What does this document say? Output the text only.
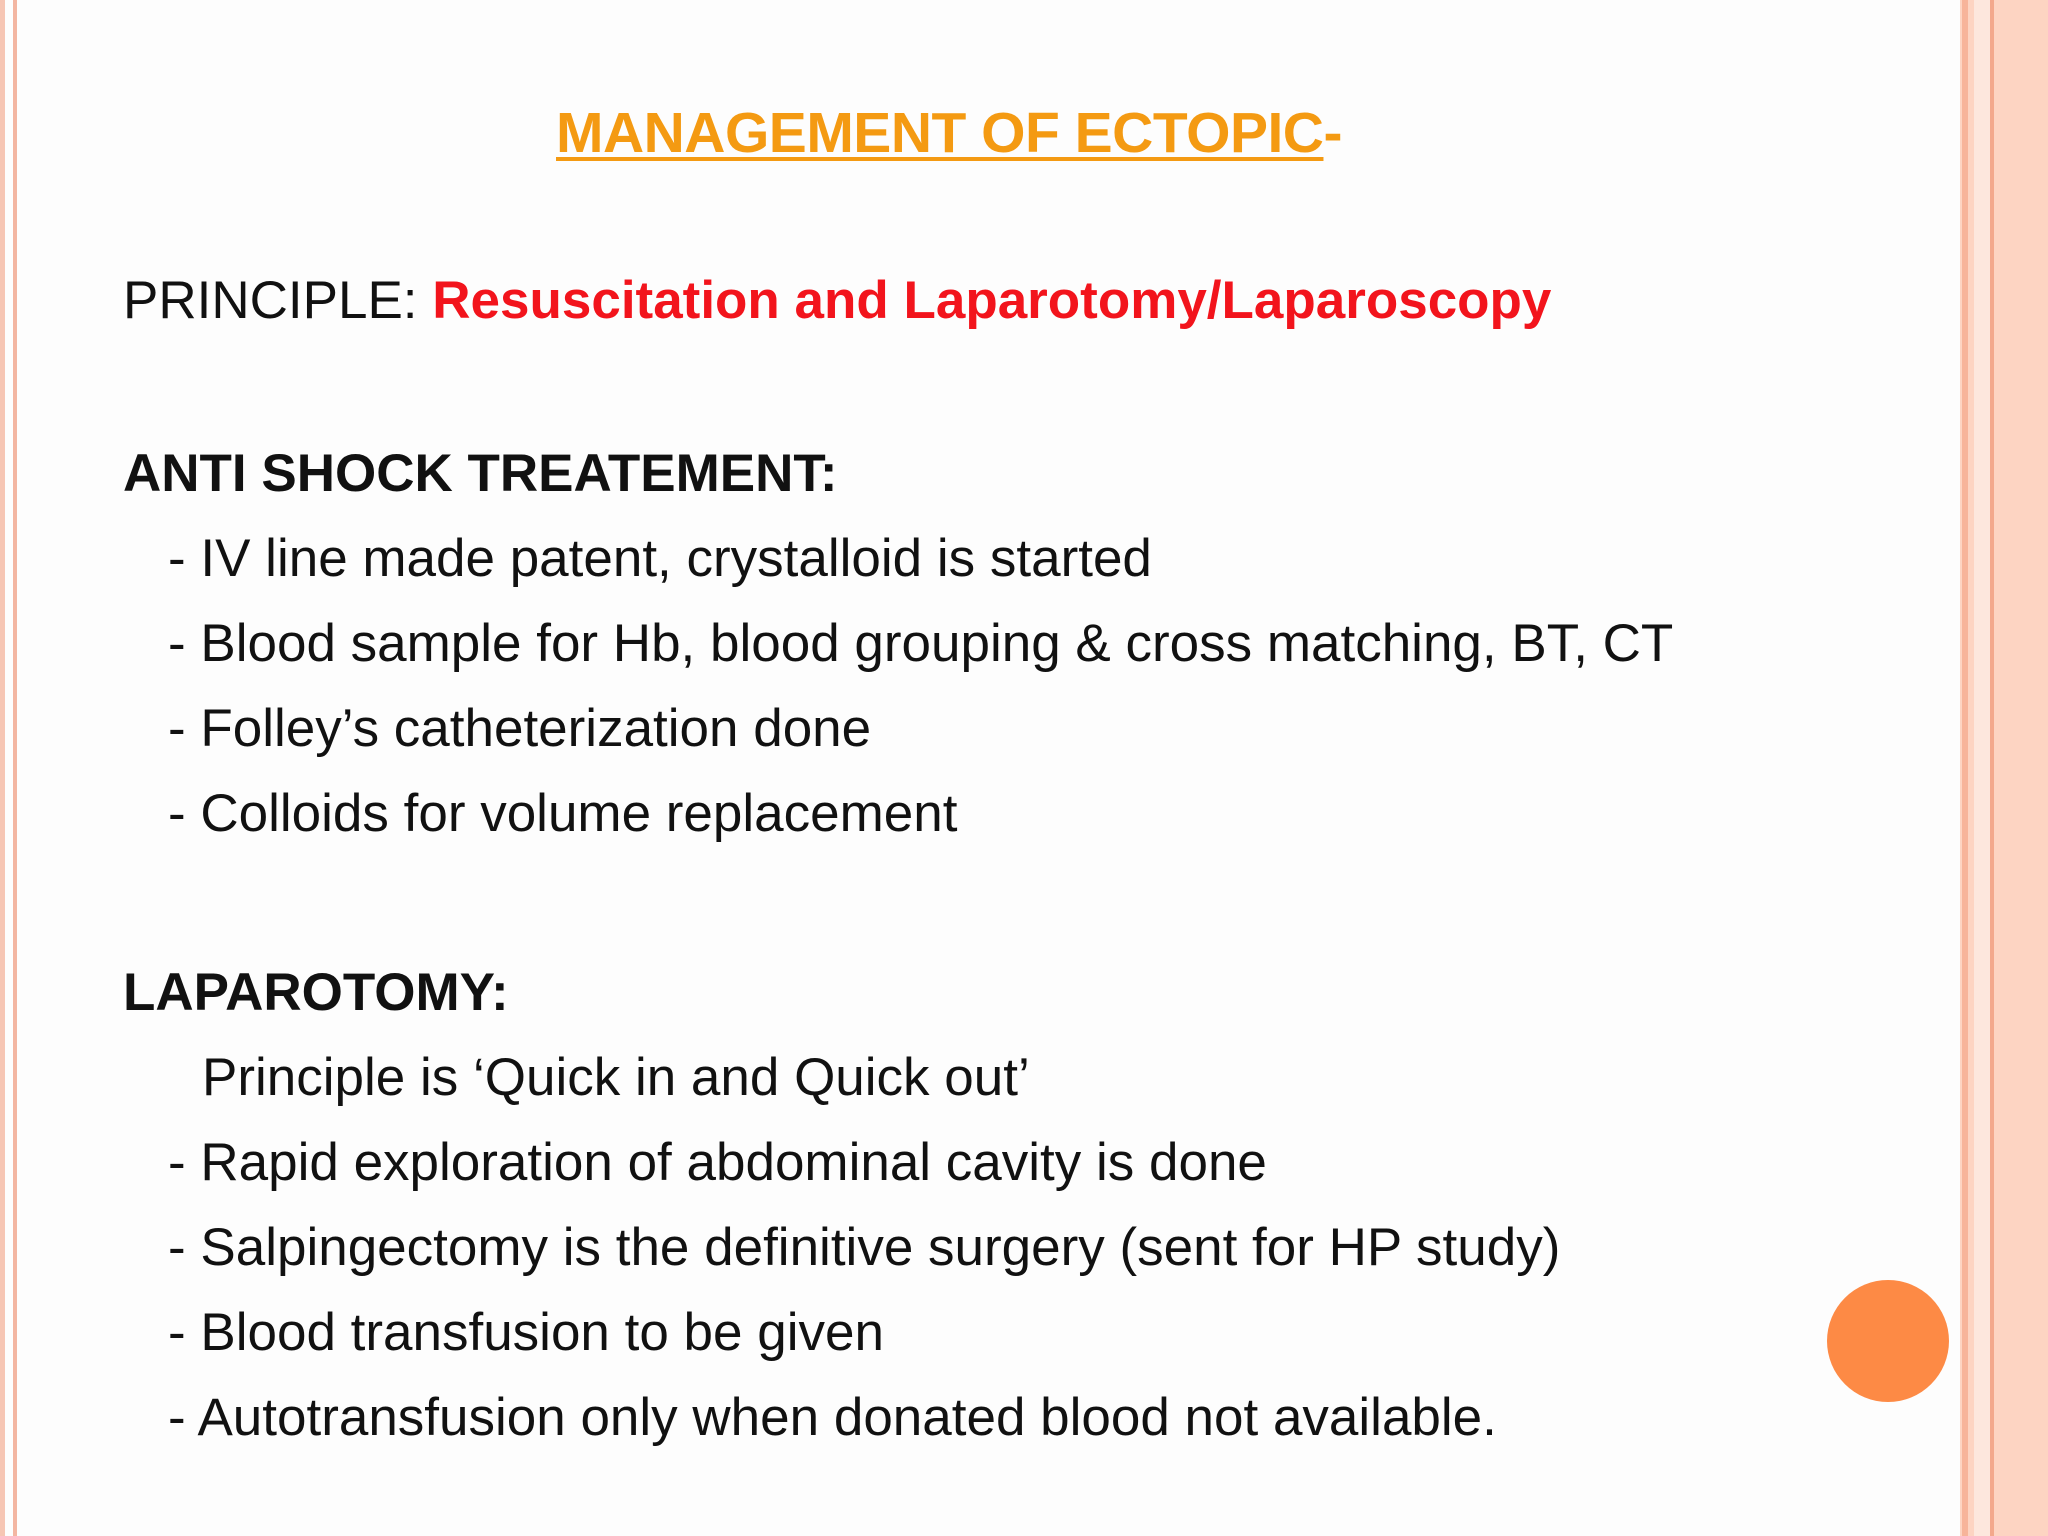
MANAGEMENT OF ECTOPIC-
PRINCIPLE: Resuscitation and Laparotomy/Laparoscopy
ANTI SHOCK TREATEMENT:
- IV line made patent, crystalloid is started
- Blood sample for Hb, blood grouping & cross matching, BT, CT
- Folley’s catheterization done
- Colloids for volume replacement
LAPAROTOMY:
Principle is ‘Quick in and Quick out’
- Rapid exploration of abdominal cavity is done
- Salpingectomy is the definitive surgery (sent for HP study)
- Blood transfusion to be given
- Autotransfusion only when donated blood not available.
